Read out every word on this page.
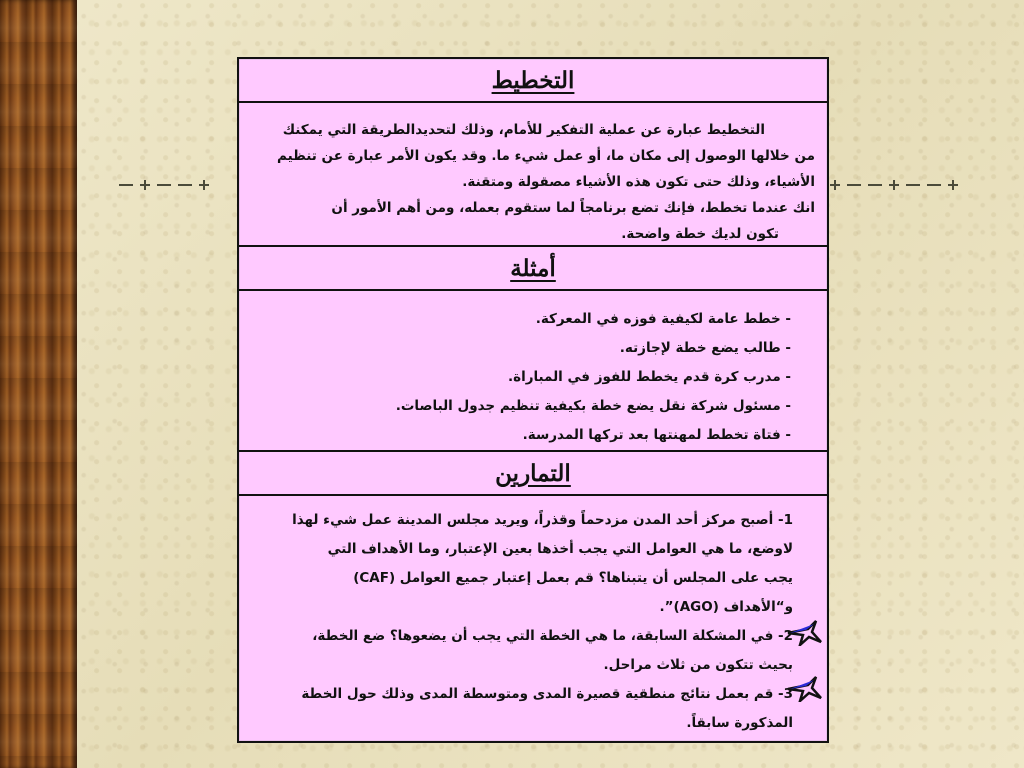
التخطيط

التخطيط عبارة عن عملية التفكير للأمام، وذلك لتحديدالطريقة التي يمكنك

من خلالها الوصول إلى مكان ما، أو عمل شيء ما. وقد يكون الأمر عبارة عن تنظيم

الأشياء، وذلك حتى تكون هذه الأشياء مصقولة ومتقنة.

انك عندما تخطط، فإنك تضع برنامجاً لما ستقوم بعمله، ومن أهم الأمور أن

تكون لديك خطة واضحة.

أمثلة

- خطط عامة لكيفية فوزه في المعركة.

- طالب يضع خطة لإجازته.

- مدرب كرة قدم يخطط للفوز في المباراة.

- مسئول شركة نقل يضع خطة بكيفية تنظيم جدول الباصات.

- فتاة تخطط لمهنتها بعد تركها المدرسة.

التمارين

1- أصبح مركز أحد المدن مزدحماً وقذراً، ويريد مجلس المدينة عمل شيء لهذا

لاوضع، ما هي العوامل التي يجب أخذها بعين الإعتبار، وما الأهداف التي

يجب على المجلس أن يتبناها؟ قم بعمل إعتبار جميع العوامل (CAF)

و“الأهداف (AGO)”.

2- في المشكلة السابقة، ما هي الخطة التي يجب أن يضعوها؟ ضع الخطة،

بحيث تتكون من ثلاث مراحل.

3- قم بعمل نتائج منطقية قصيرة المدى ومتوسطة المدى وذلك حول الخطة

المذكورة سابقاً.
